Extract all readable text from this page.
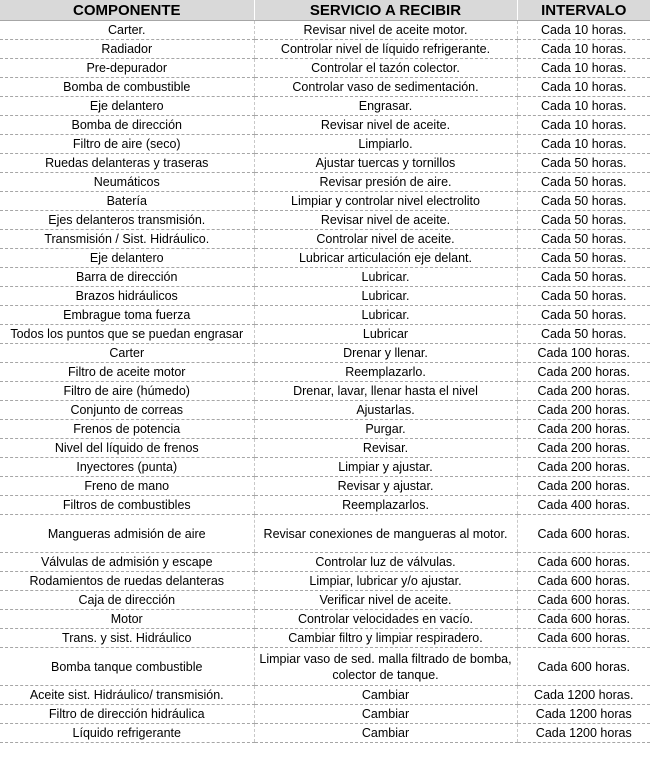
COMPONENTE	SERVICIO A RECIBIR	INTERVALO
Carter.	Revisar nivel de aceite motor.	Cada 10 horas.
Radiador	Controlar nivel de líquido refrigerante.	Cada 10 horas.
Pre-depurador	Controlar el tazón colector.	Cada 10 horas.
Bomba de combustible	Controlar vaso de sedimentación.	Cada 10 horas.
Eje delantero	Engrasar.	Cada 10 horas.
Bomba de dirección	Revisar nivel de aceite.	Cada 10 horas.
Filtro de aire (seco)	Limpiarlo.	Cada 10 horas.
Ruedas delanteras y traseras	Ajustar tuercas y tornillos	Cada 50 horas.
Neumáticos	Revisar presión de aire.	Cada 50 horas.
Batería	Limpiar y controlar nivel electrolito	Cada 50 horas.
Ejes delanteros transmisión.	Revisar nivel de aceite.	Cada 50 horas.
Transmisión / Sist. Hidráulico.	Controlar nivel de aceite.	Cada 50 horas.
Eje delantero	Lubricar articulación eje delant.	Cada 50 horas.
Barra de dirección	Lubricar.	Cada 50 horas.
Brazos hidráulicos	Lubricar.	Cada 50 horas.
Embrague toma fuerza	Lubricar.	Cada 50 horas.
Todos los puntos que se puedan engrasar	Lubricar	Cada 50 horas.
Carter	Drenar y llenar.	Cada 100 horas.
Filtro de aceite motor	Reemplazarlo.	Cada 200 horas.
Filtro de aire (húmedo)	Drenar, lavar, llenar hasta el nivel	Cada 200 horas.
Conjunto de correas	Ajustarlas.	Cada 200 horas.
Frenos de potencia	Purgar.	Cada 200 horas.
Nivel del líquido de frenos	Revisar.	Cada 200 horas.
Inyectores (punta)	Limpiar y ajustar.	Cada 200 horas.
Freno de mano	Revisar y ajustar.	Cada 200 horas.
Filtros de combustibles	Reemplazarlos.	Cada 400 horas.
Mangueras admisión de aire	Revisar conexiones de mangueras al motor.	Cada 600 horas.
Válvulas de admisión y escape	Controlar luz de válvulas.	Cada 600 horas.
Rodamientos de ruedas delanteras	Limpiar, lubricar y/o ajustar.	Cada 600 horas.
Caja de dirección	Verificar nivel de aceite.	Cada 600 horas.
Motor	Controlar velocidades en vacío.	Cada 600 horas.
Trans. y sist. Hidráulico	Cambiar filtro y limpiar respiradero.	Cada 600 horas.
Bomba tanque combustible	Limpiar vaso de sed. malla filtrado de bomba, colector de tanque.	Cada 600 horas.
Aceite sist. Hidráulico/ transmisión.	Cambiar	Cada 1200 horas.
Filtro de dirección hidráulica	Cambiar	Cada 1200 horas
Líquido refrigerante	Cambiar	Cada 1200 horas
